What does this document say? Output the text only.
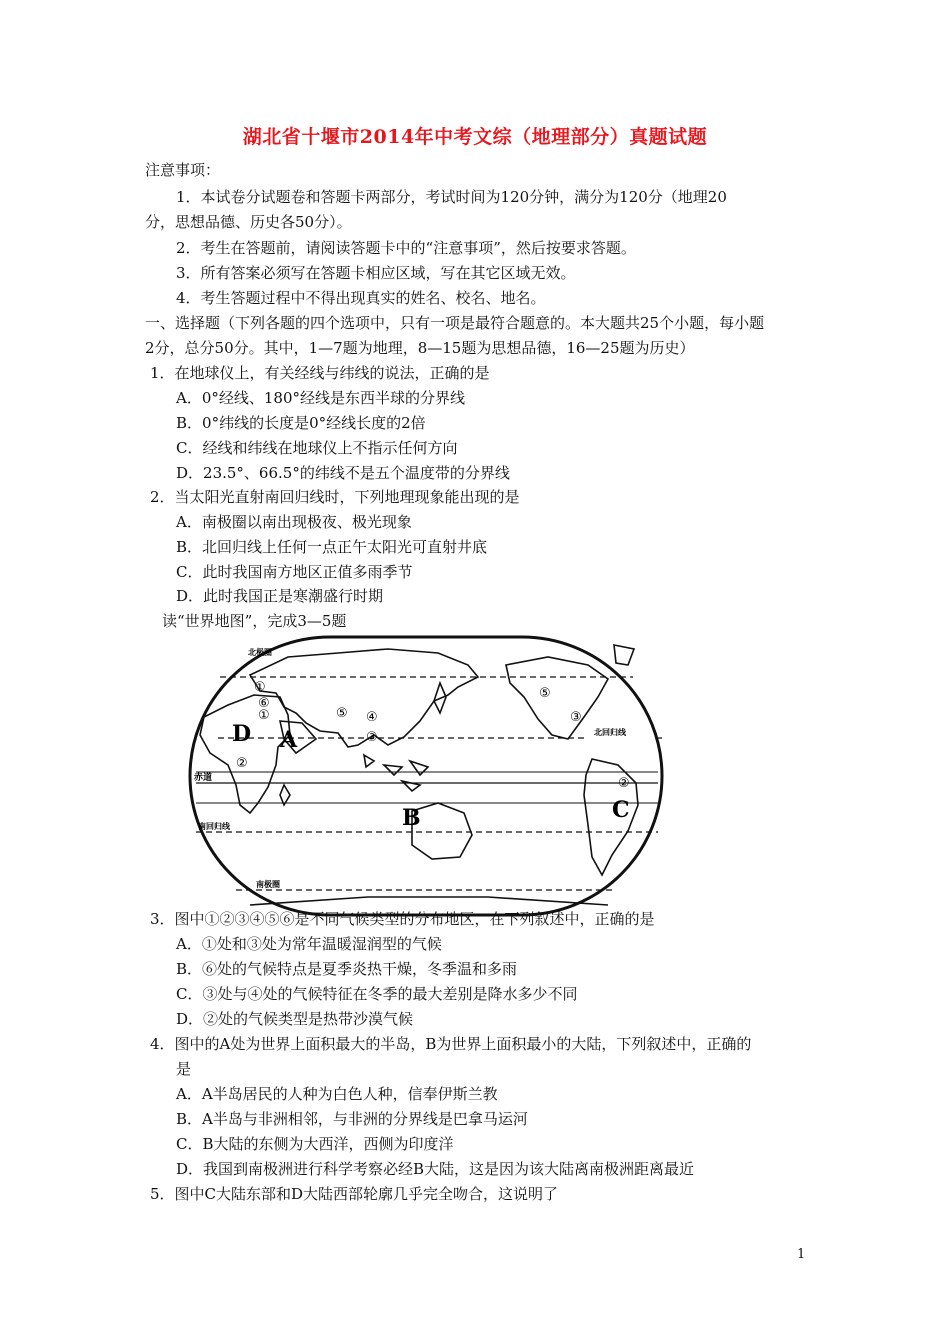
湖北省十堰市2014年中考文综（地理部分）真题试题
注意事项：
1．本试卷分试题卷和答题卡两部分，考试时间为120分钟，满分为120分（地理20
分，思想品德、历史各50分）。
2．考生在答题前，请阅读答题卡中的“注意事项”，然后按要求答题。
3．所有答案必须写在答题卡相应区域，写在其它区域无效。
4．考生答题过程中不得出现真实的姓名、校名、地名。
一、选择题（下列各题的四个选项中，只有一项是最符合题意的。本大题共25个小题，每小题
2分，总分50分。其中，1—7题为地理，8—15题为思想品德，16—25题为历史）
1．在地球仪上，有关经线与纬线的说法，正确的是
A．0°经线、180°经线是东西半球的分界线
B．0°纬线的长度是0°经线长度的2倍
C．经线和纬线在地球仪上不指示任何方向
D．23.5°、66.5°的纬线不是五个温度带的分界线
2．当太阳光直射南回归线时，下列地理现象能出现的是
A．南极圈以南出现极夜、极光现象
B．北回归线上任何一点正午太阳光可直射井底
C．此时我国南方地区正值多雨季节
D．此时我国正是寒潮盛行时期
读“世界地图”，完成3—5题
北极圈
北回归线
赤道
南回归线
南极圈
D A
B	C
①
⑥
①
②
⑤ ④
③
⑤
③
②
3．图中①②③④⑤⑥是不同气候类型的分布地区，在下列叙述中，正确的是
A．①处和③处为常年温暖湿润型的气候
B．⑥处的气候特点是夏季炎热干燥，冬季温和多雨
C．③处与④处的气候特征在冬季的最大差别是降水多少不同
D．②处的气候类型是热带沙漠气候
4．图中的A处为世界上面积最大的半岛，B为世界上面积最小的大陆，下列叙述中，正确的
是
A．A半岛居民的人种为白色人种，信奉伊斯兰教
B．A半岛与非洲相邻，与非洲的分界线是巴拿马运河
C．B大陆的东侧为大西洋，西侧为印度洋
D．我国到南极洲进行科学考察必经B大陆，这是因为该大陆离南极洲距离最近
5．图中C大陆东部和D大陆西部轮廓几乎完全吻合，这说明了
1
